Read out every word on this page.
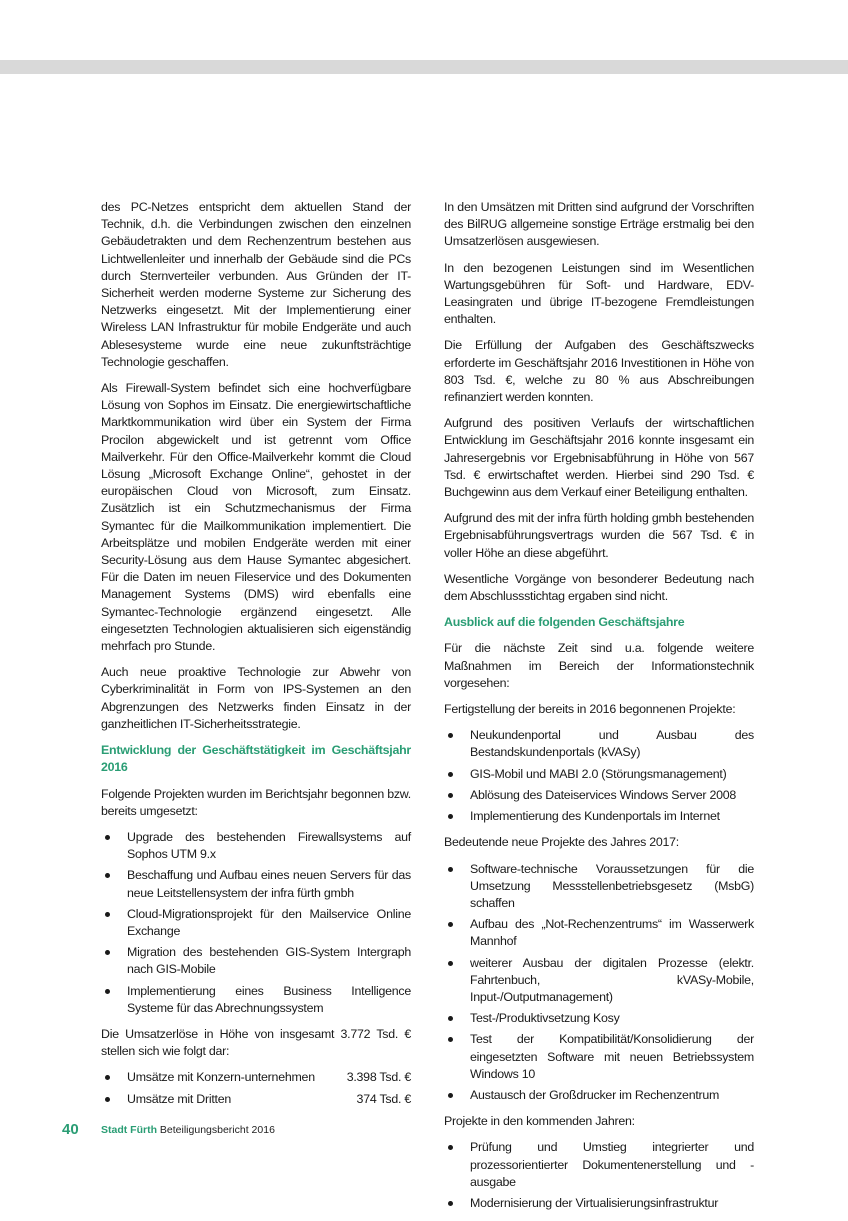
des PC-Netzes entspricht dem aktuellen Stand der Technik, d.h. die Verbindungen zwischen den einzelnen Gebäudetrakten und dem Rechenzentrum bestehen aus Lichtwellenleiter und innerhalb der Gebäude sind die PCs durch Sternverteiler verbunden. Aus Gründen der IT-Sicherheit werden moderne Systeme zur Sicherung des Netzwerks eingesetzt. Mit der Implementierung einer Wireless LAN Infrastruktur für mobile Endgeräte und auch Ablesesysteme wurde eine neue zukunftsträchtige Technologie geschaffen.

Als Firewall-System befindet sich eine hochverfügbare Lösung von Sophos im Einsatz. Die energiewirtschaftliche Marktkommunikation wird über ein System der Firma Procilon abgewickelt und ist getrennt vom Office Mailverkehr. Für den Office-Mailverkehr kommt die Cloud Lösung „Microsoft Exchange Online“, gehostet in der europäischen Cloud von Microsoft, zum Einsatz. Zusätzlich ist ein Schutzmechanismus der Firma Symantec für die Mailkommunikation implementiert. Die Arbeitsplätze und mobilen Endgeräte werden mit einer Security-Lösung aus dem Hause Symantec abgesichert. Für die Daten im neuen Fileservice und des Dokumenten Management Systems (DMS) wird ebenfalls eine Symantec-Technologie ergänzend eingesetzt. Alle eingesetzten Technologien aktualisieren sich eigenständig mehrfach pro Stunde.

Auch neue proaktive Technologie zur Abwehr von Cyberkriminalität in Form von IPS-Systemen an den Abgrenzungen des Netzwerks finden Einsatz in der ganzheitlichen IT-Sicherheitsstrategie.

Entwicklung der Geschäftstätigkeit im Geschäftsjahr 2016

Folgende Projekten wurden im Berichtsjahr begonnen bzw. bereits umgesetzt:

Upgrade des bestehenden Firewallsystems auf Sophos UTM 9.x
Beschaffung und Aufbau eines neuen Servers für das neue Leitstellensystem der infra fürth gmbh
Cloud-Migrationsprojekt für den Mailservice Online Exchange
Migration des bestehenden GIS-System Intergraph nach GIS-Mobile
Implementierung eines Business Intelligence Systeme für das Abrechnungssystem

Die Umsatzerlöse in Höhe von insgesamt 3.772 Tsd. € stellen sich wie folgt dar:

Umsätze mit Konzern-unternehmen	3.398 Tsd. €
Umsätze mit Dritten	374 Tsd. €

In den Umsätzen mit Dritten sind aufgrund der Vorschriften des BilRUG allgemeine sonstige Erträge erstmalig bei den Umsatzerlösen ausgewiesen.

In den bezogenen Leistungen sind im Wesentlichen Wartungsgebühren für Soft- und Hardware, EDV-Leasingraten und übrige IT-bezogene Fremdleistungen enthalten.

Die Erfüllung der Aufgaben des Geschäftszwecks erforderte im Geschäftsjahr 2016 Investitionen in Höhe von 803 Tsd. €, welche zu 80 % aus Abschreibungen refinanziert werden konnten.

Aufgrund des positiven Verlaufs der wirtschaftlichen Entwicklung im Geschäftsjahr 2016 konnte insgesamt ein Jahresergebnis vor Ergebnisabführung in Höhe von 567 Tsd. € erwirtschaftet werden. Hierbei sind 290 Tsd. € Buchgewinn aus dem Verkauf einer Beteiligung enthalten.

Aufgrund des mit der infra fürth holding gmbh bestehenden Ergebnisabführungsvertrags wurden die 567 Tsd. € in voller Höhe an diese abgeführt.

Wesentliche Vorgänge von besonderer Bedeutung nach dem Abschlussstichtag ergaben sind nicht.

Ausblick auf die folgenden Geschäftsjahre

Für die nächste Zeit sind u.a. folgende weitere Maßnahmen im Bereich der Informationstechnik vorgesehen:

Fertigstellung der bereits in 2016 begonnenen Projekte:

Neukundenportal und Ausbau des Bestandskundenportals (kVASy)
GIS-Mobil und MABI 2.0 (Störungsmanagement)
Ablösung des Dateiservices Windows Server 2008
Implementierung des Kundenportals im Internet

Bedeutende neue Projekte des Jahres 2017:

Software-technische Voraussetzungen für die Umsetzung Messstellenbetriebsgesetz (MsbG) schaffen
Aufbau des „Not-Rechenzentrums“ im Wasserwerk Mannhof
weiterer Ausbau der digitalen Prozesse (elektr. Fahrtenbuch, kVASy-Mobile, Input-/Outputmanagement)
Test-/Produktivsetzung Kosy
Test der Kompatibilität/Konsolidierung der eingesetzten Software mit neuen Betriebssystem Windows 10
Austausch der Großdrucker im Rechenzentrum

Projekte in den kommenden Jahren:

Prüfung und Umstieg integrierter und prozessorientierter Dokumentenerstellung und -ausgabe
Modernisierung der Virtualisierungsinfrastruktur
40 Stadt Fürth Beteiligungsbericht 2016
